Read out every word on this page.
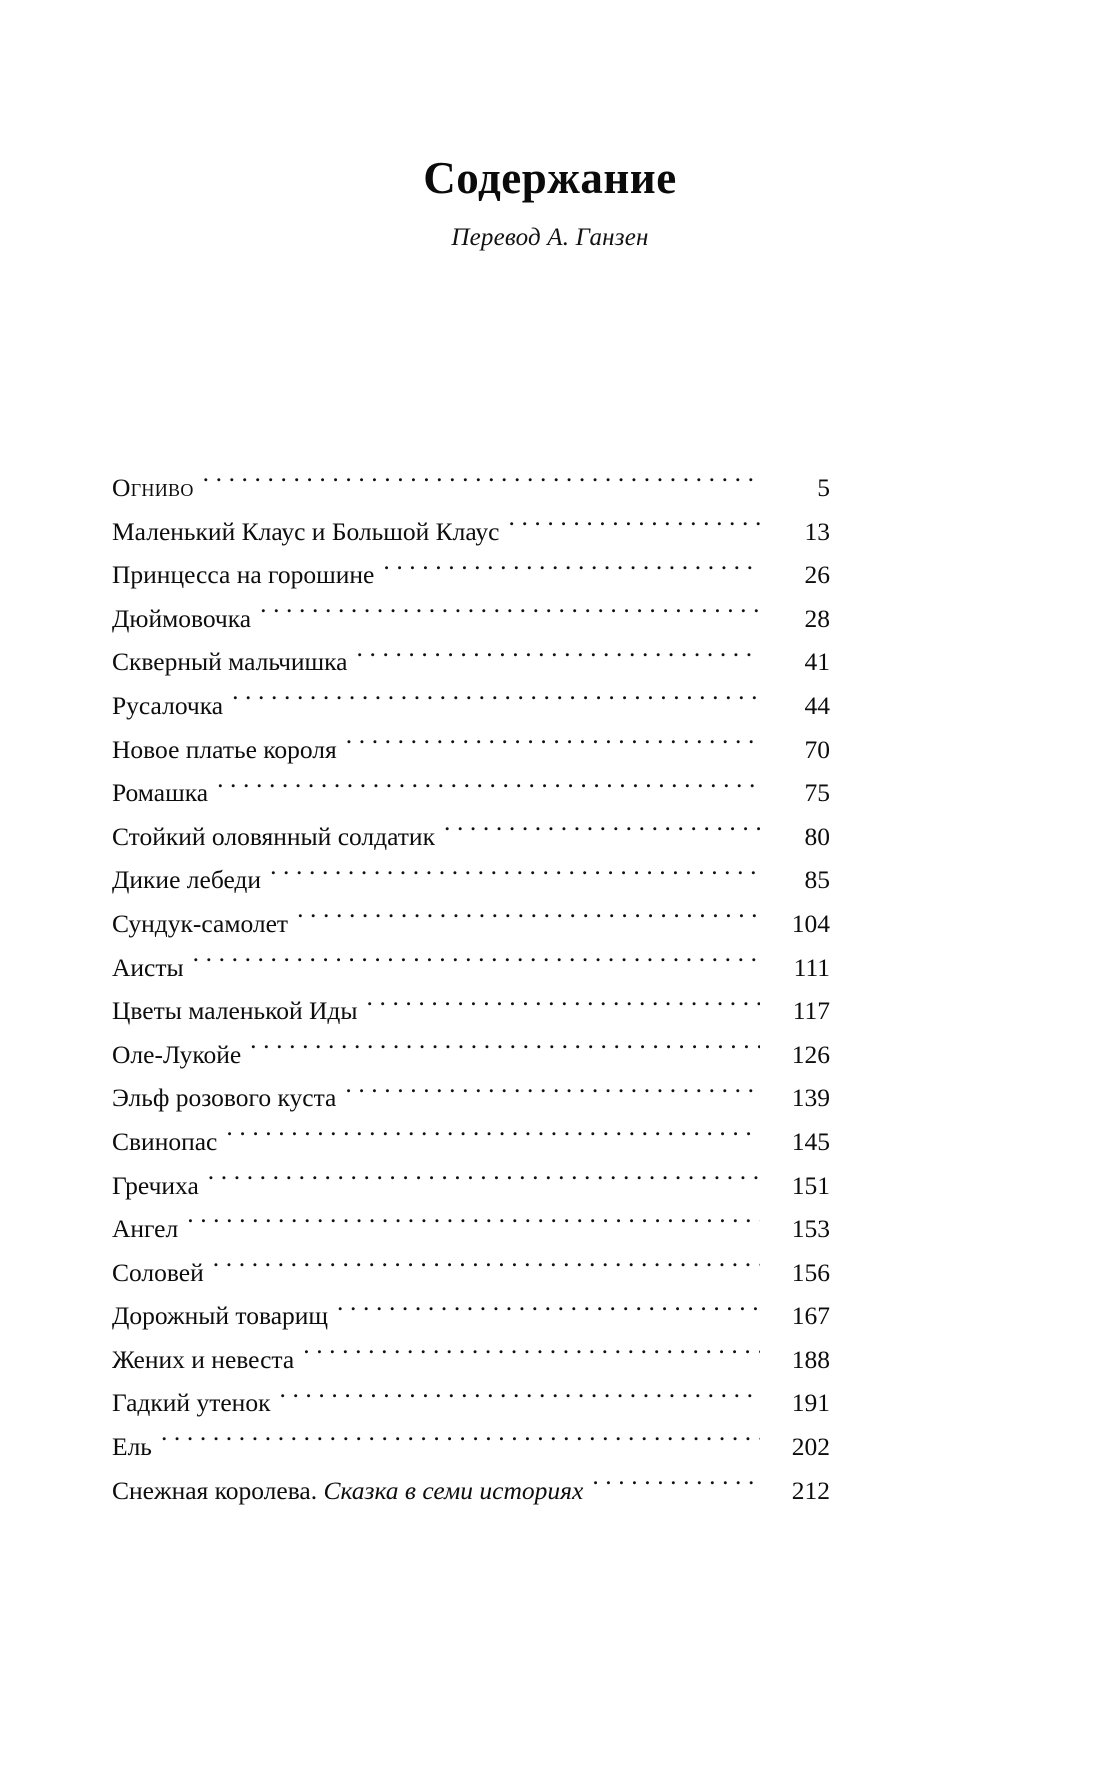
Содержание

Перевод А. Ганзен

Огниво .....	5
Маленький Клаус и Большой Клаус .....	13
Принцесса на горошине .....	26
Дюймовочка .....	28
Скверный мальчишка .....	41
Русалочка .....	44
Новое платье короля .....	70
Ромашка .....	75
Стойкий оловянный солдатик .....	80
Дикие лебеди .....	85
Сундук-самолет .....	104
Аисты .....	111
Цветы маленькой Иды .....	117
Оле-Лукойе .....	126
Эльф розового куста .....	139
Свинопас .....	145
Гречиха .....	151
Ангел .....	153
Соловей .....	156
Дорожный товарищ .....	167
Жених и невеста .....	188
Гадкий утенок .....	191
Ель .....	202
Снежная королева. Сказка в семи историях .....	212
